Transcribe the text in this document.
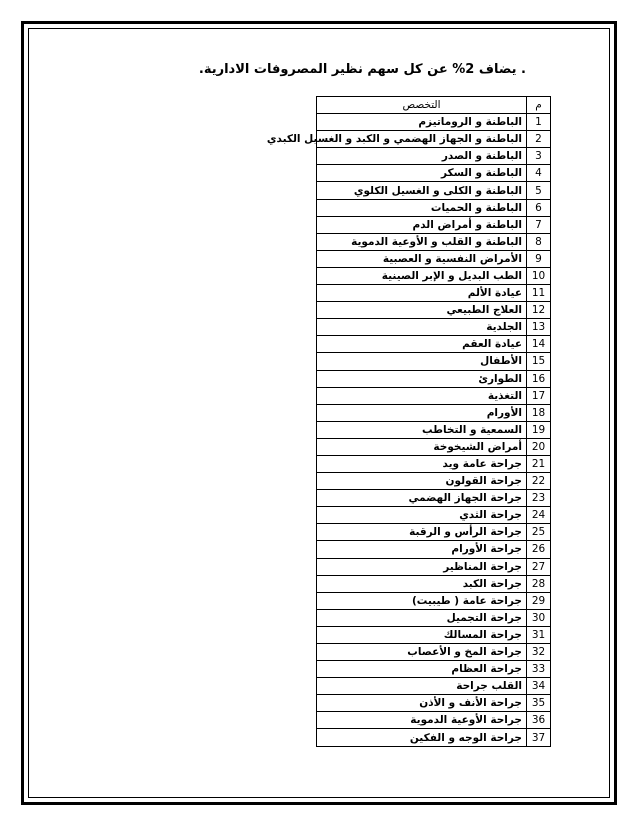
. يضاف 2% عن كل سهم نظير المصروفات الادارية.
م	التخصص
1	الباطنة و الروماتيزم
2	الباطنة و الجهاز الهضمي و الكبد و الغسيل الكبدي
3	الباطنة و الصدر
4	الباطنة و السكر
5	الباطنة و الكلى و الغسيل الكلوي
6	الباطنة و الحميات
7	الباطنة و أمراض الدم
8	الباطنة و القلب و الأوعية الدموية
9	الأمراض النفسية و العصبية
10	الطب البديل و الإبر الصينية
11	عيادة الألم
12	العلاج الطبيعي
13	الجلدية
14	عيادة العقم
15	الأطفال
16	الطوارئ
17	التغذية
18	الأورام
19	السمعية و التخاطب
20	أمراض الشيخوخة
21	جراحة عامة ويد
22	جراحة القولون
23	جراحة الجهاز الهضمي
24	جراحة الثدي
25	جراحة الرأس و الرقبة
26	جراحة الأورام
27	جراحة المناظير
28	جراحة الكبد
29	جراحة عامة ( طيبيت)
30	جراحة التجميل
31	جراحة المسالك
32	جراحة المخ و الأعصاب
33	جراحة العظام
34	القلب جراحة
35	جراحة الأنف و الأذن
36	جراحة الأوعية الدموية
37	جراحة الوجه و الفكين
